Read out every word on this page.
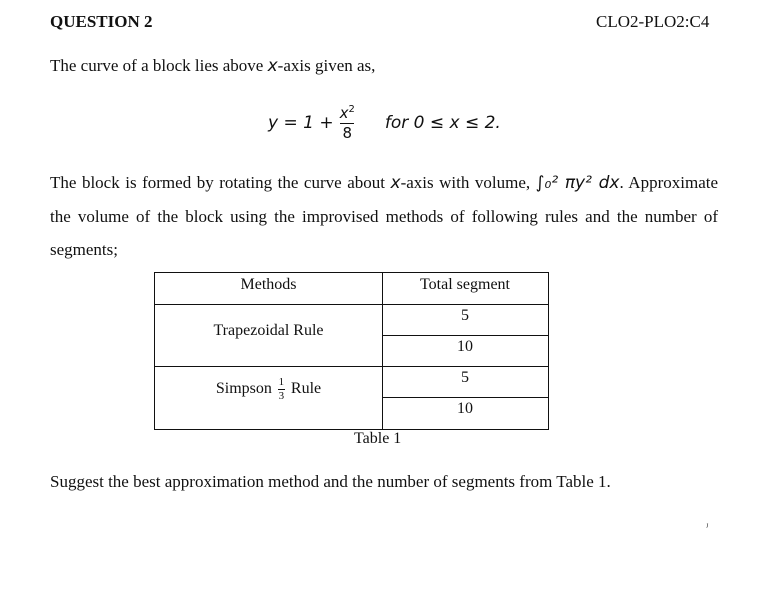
QUESTION 2	CLO2-PLO2:C4
The curve of a block lies above x-axis given as,
$y = 1 + \frac{x^2}{8}$ for 0 ≤ x ≤ 2.
The block is formed by rotating the curve about x-axis with volume, ∫₀² πy² dx. Approximate
the volume of the block using the improvised methods of following rules and the number of
segments;
Methods	Total segment
Trapezoidal Rule
5
10
Simpson $\frac{1}{3}$ Rule
5
10
Table 1
Suggest the best approximation method and the number of segments from Table 1.
ᴶ
